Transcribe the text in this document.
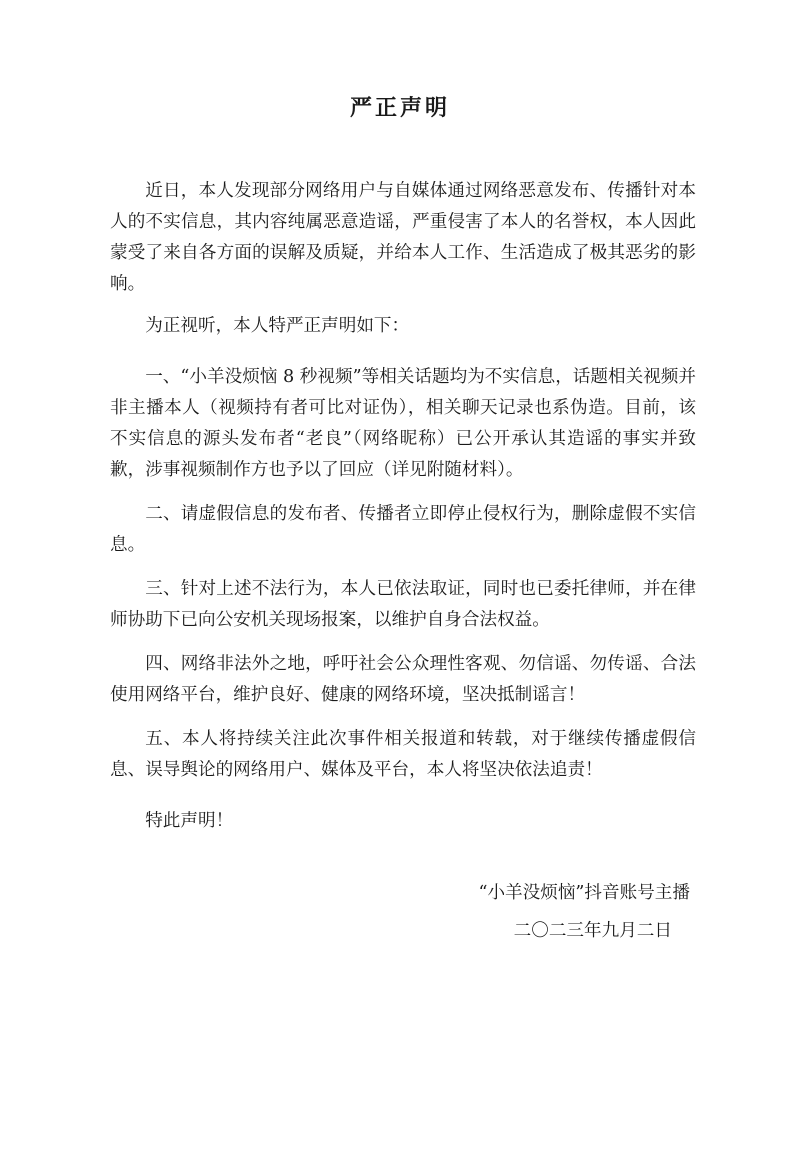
严正声明

近日，本人发现部分网络用户与自媒体通过网络恶意发布、传播针对本人的不实信息，其内容纯属恶意造谣，严重侵害了本人的名誉权，本人因此蒙受了来自各方面的误解及质疑，并给本人工作、生活造成了极其恶劣的影响。

为正视听，本人特严正声明如下：

一、“小羊没烦恼 8 秒视频”等相关话题均为不实信息，话题相关视频并非主播本人（视频持有者可比对证伪），相关聊天记录也系伪造。目前，该不实信息的源头发布者“老良”（网络昵称）已公开承认其造谣的事实并致歉，涉事视频制作方也予以了回应（详见附随材料）。

二、请虚假信息的发布者、传播者立即停止侵权行为，删除虚假不实信息。

三、针对上述不法行为，本人已依法取证，同时也已委托律师，并在律师协助下已向公安机关现场报案，以维护自身合法权益。

四、网络非法外之地，呼吁社会公众理性客观、勿信谣、勿传谣、合法使用网络平台，维护良好、健康的网络环境，坚决抵制谣言！

五、本人将持续关注此次事件相关报道和转载，对于继续传播虚假信息、误导舆论的网络用户、媒体及平台，本人将坚决依法追责！

特此声明！

“小羊没烦恼”抖音账号主播
二〇二三年九月二日
